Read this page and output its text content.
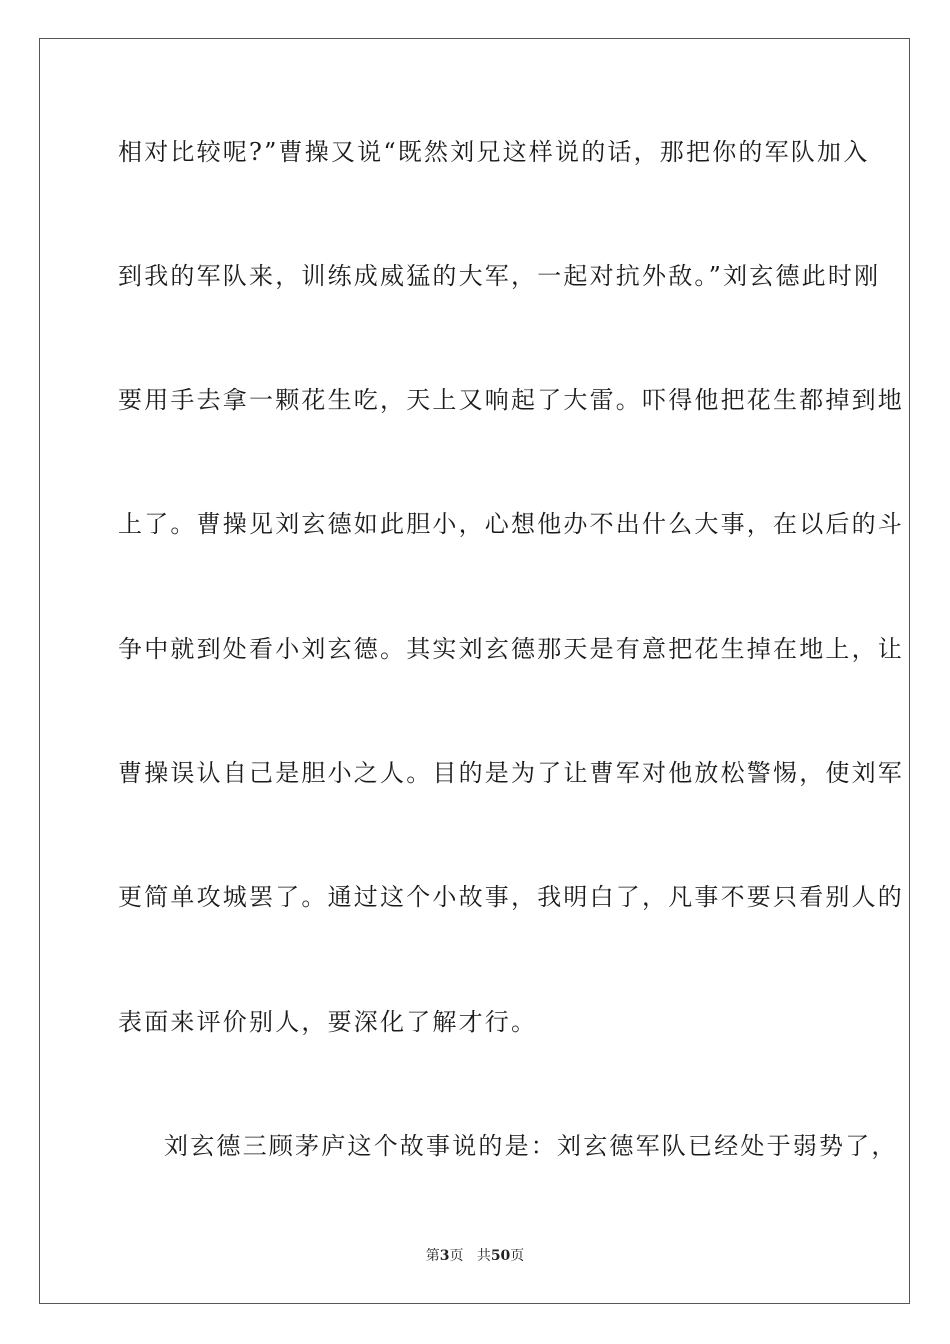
相对比较呢?”曹操又说“既然刘兄这样说的话，那把你的军队加入
到我的军队来，训练成威猛的大军，一起对抗外敌。”刘玄德此时刚
要用手去拿一颗花生吃，天上又响起了大雷。吓得他把花生都掉到地
上了。曹操见刘玄德如此胆小，心想他办不出什么大事，在以后的斗
争中就到处看小刘玄德。其实刘玄德那天是有意把花生掉在地上，让
曹操误认自己是胆小之人。目的是为了让曹军对他放松警惕，使刘军
更简单攻城罢了。通过这个小故事，我明白了，凡事不要只看别人的
表面来评价别人，要深化了解才行。
刘玄德三顾茅庐这个故事说的是：刘玄德军队已经处于弱势了，
第3页 共50页
